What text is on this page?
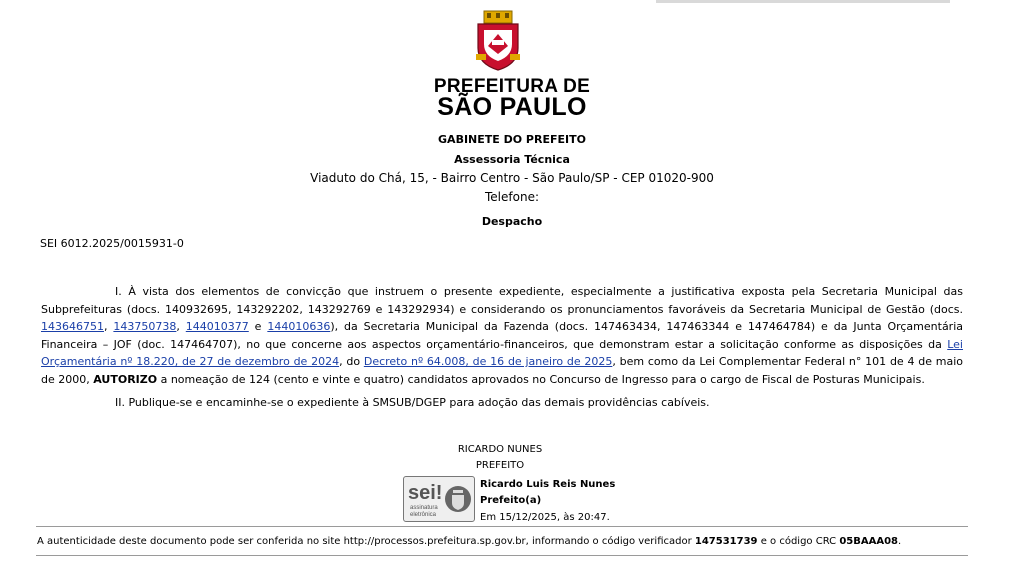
PREFEITURA DE
SÃO PAULO
GABINETE DO PREFEITO
Assessoria Técnica
Viaduto do Chá, 15, - Bairro Centro - São Paulo/SP - CEP 01020-900
Telefone:
Despacho
SEI 6012.2025/0015931-0

I. À vista dos elementos de convicção que instruem o presente expediente, especialmente a justificativa exposta pela Secretaria Municipal das Subprefeituras (docs. 140932695, 143292202, 143292769 e 143292934) e considerando os pronunciamentos favoráveis da Secretaria Municipal de Gestão (docs. 143646751, 143750738, 144010377 e 144010636), da Secretaria Municipal da Fazenda (docs. 147463434, 147463344 e 147464784) e da Junta Orçamentária Financeira – JOF (doc. 147464707), no que concerne aos aspectos orçamentário-financeiros, que demonstram estar a solicitação conforme as disposições da Lei Orçamentária nº 18.220, de 27 de dezembro de 2024, do Decreto nº 64.008, de 16 de janeiro de 2025, bem como da Lei Complementar Federal n° 101 de 4 de maio de 2000, AUTORIZO a nomeação de 124 (cento e vinte e quatro) candidatos aprovados no Concurso de Ingresso para o cargo de Fiscal de Posturas Municipais.

II. Publique-se e encaminhe-se o expediente à SMSUB/DGEP para adoção das demais providências cabíveis.

RICARDO NUNES
PREFEITO
sei!
assinatura
eletrônica
Ricardo Luis Reis Nunes
Prefeito(a)
Em 15/12/2025, às 20:47.
A autenticidade deste documento pode ser conferida no site http://processos.prefeitura.sp.gov.br, informando o código verificador 147531739 e o código CRC 05BAAA08.
